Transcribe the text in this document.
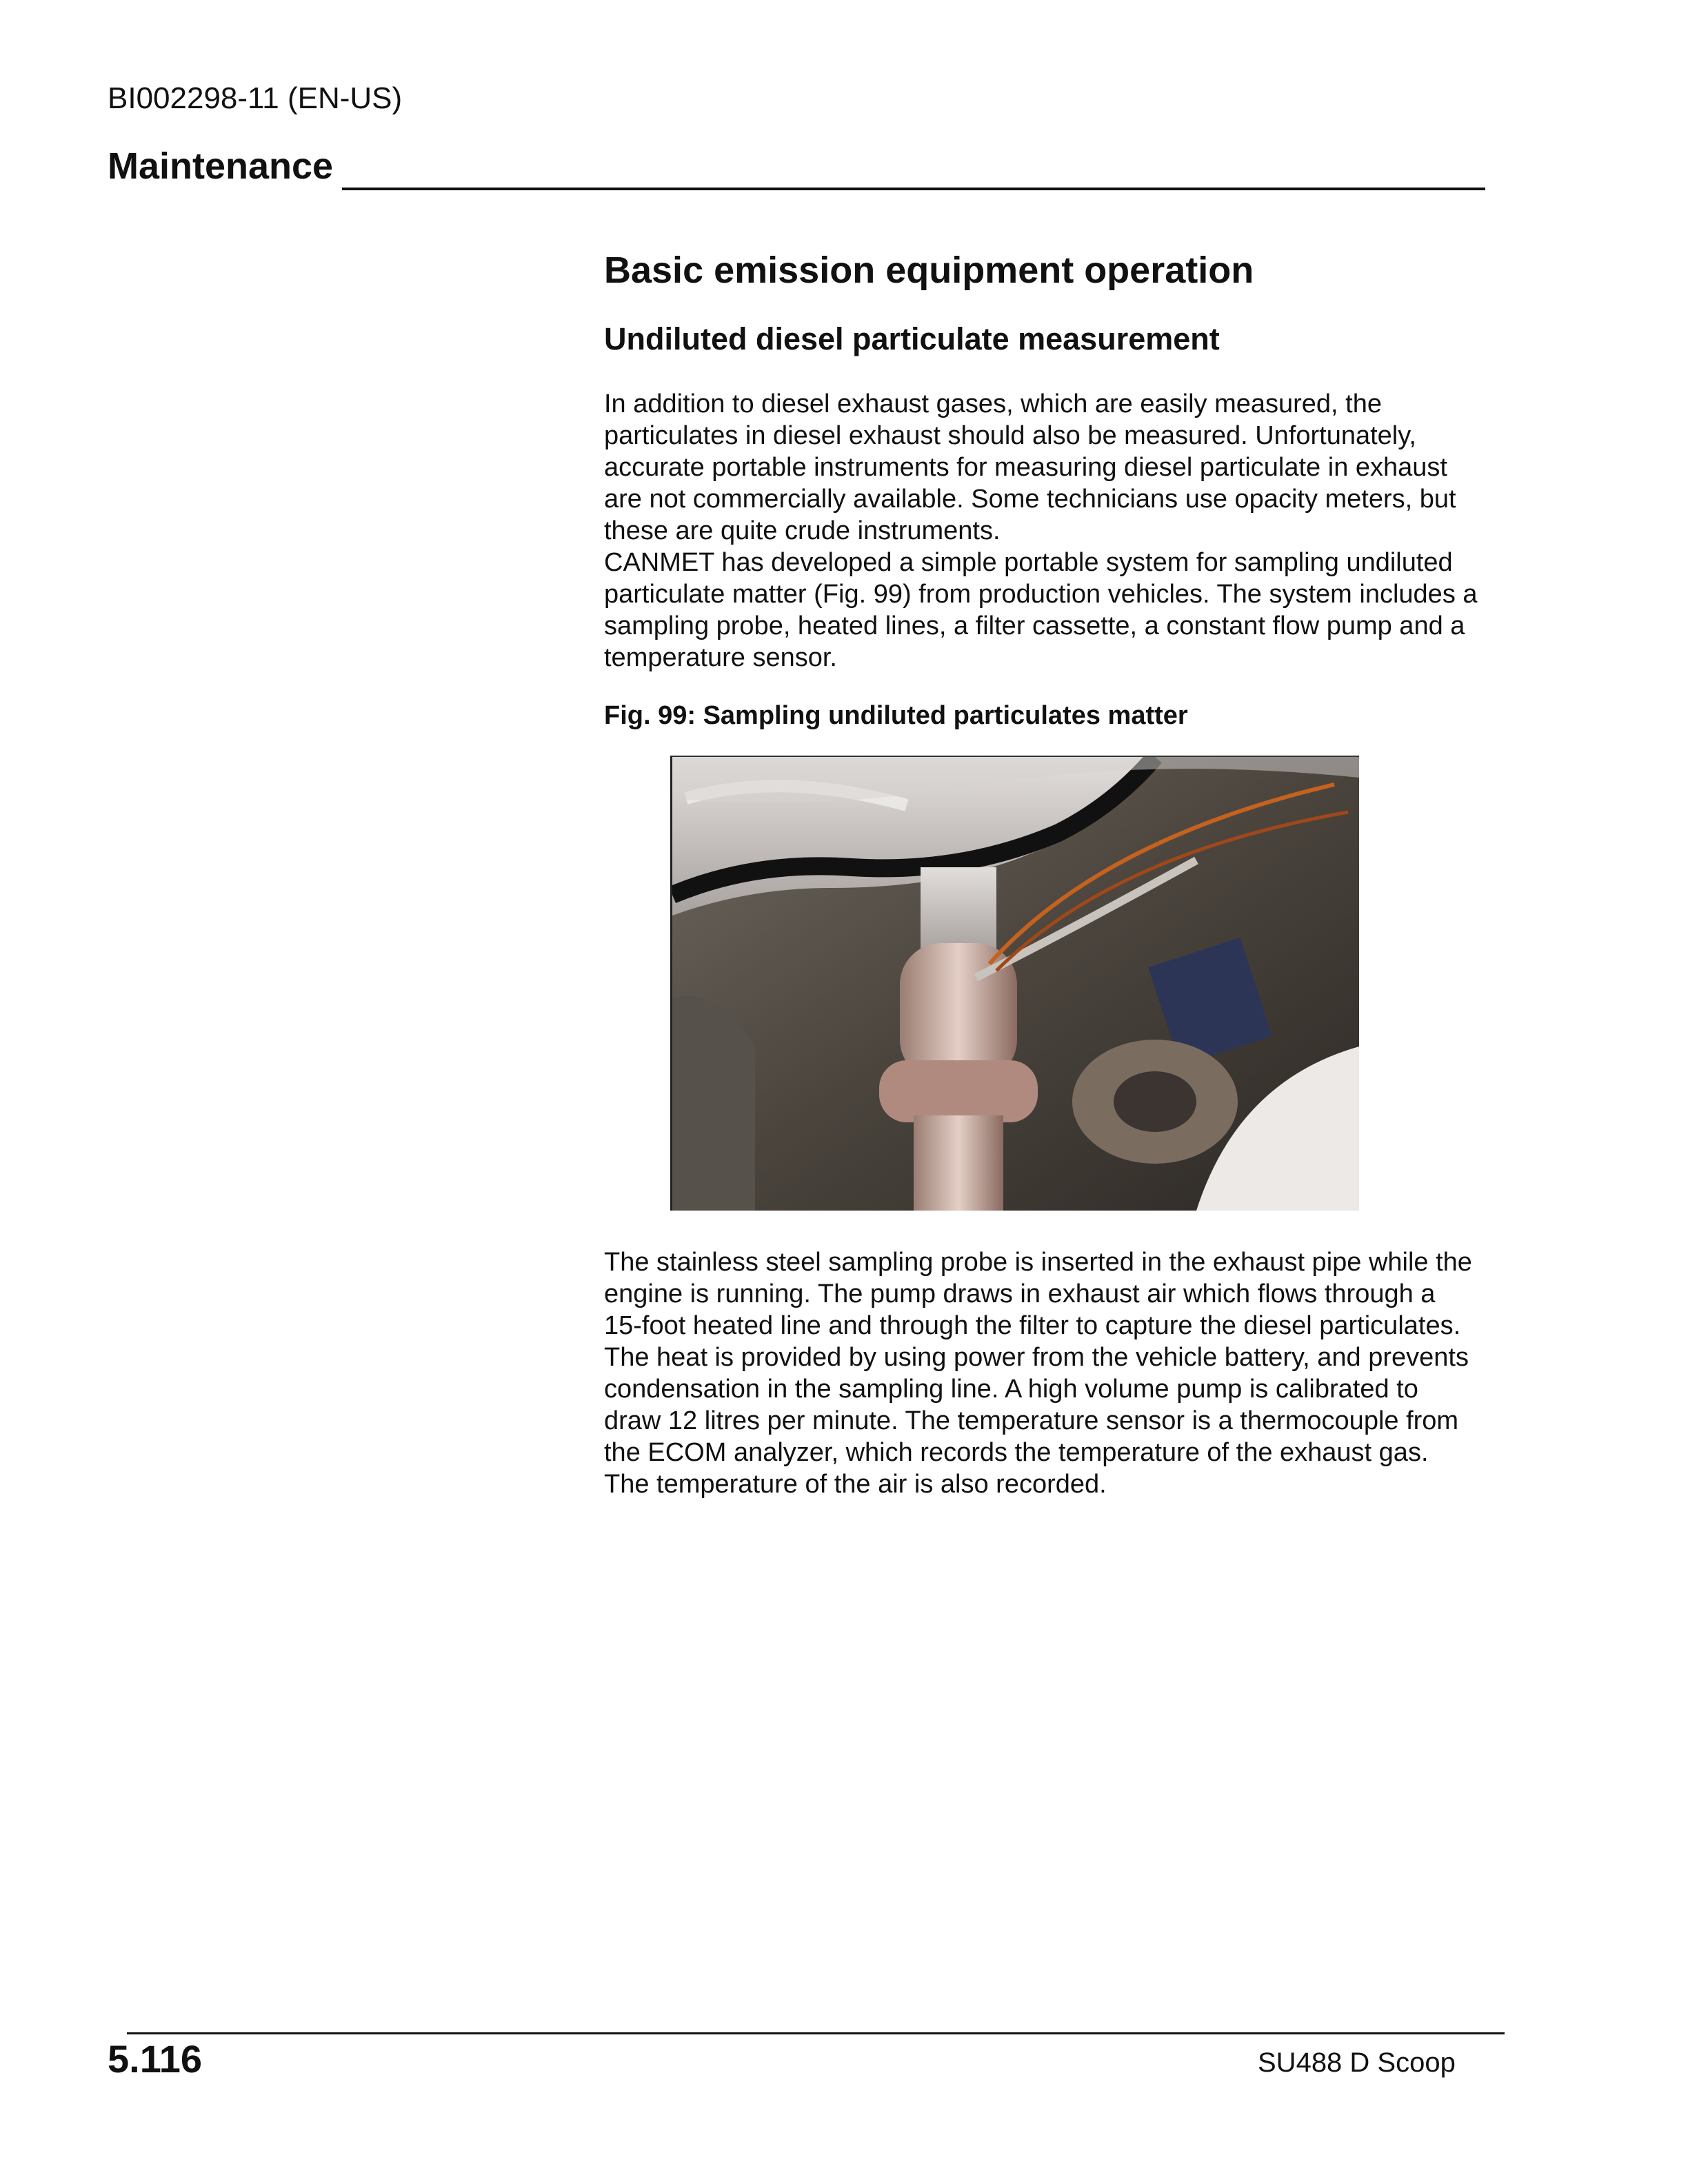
BI002298-11 (EN-US)
Maintenance
Basic emission equipment operation
Undiluted diesel particulate measurement

In addition to diesel exhaust gases, which are easily measured, the particulates in diesel exhaust should also be measured. Unfortunately, accurate portable instruments for measuring diesel particulate in exhaust are not commercially available. Some technicians use opacity meters, but these are quite crude instruments.

CANMET has developed a simple portable system for sampling undiluted particulate matter (Fig. 99) from production vehicles. The system includes a sampling probe, heated lines, a filter cassette, a constant flow pump and a temperature sensor.

Fig. 99: Sampling undiluted particulates matter

The stainless steel sampling probe is inserted in the exhaust pipe while the engine is running. The pump draws in exhaust air which flows through a 15-foot heated line and through the filter to capture the diesel particulates. The heat is provided by using power from the vehicle battery, and prevents condensation in the sampling line. A high volume pump is calibrated to draw 12 litres per minute. The temperature sensor is a thermocouple from the ECOM analyzer, which records the temperature of the exhaust gas. The temperature of the air is also recorded.

5.116	SU488 D Scoop
